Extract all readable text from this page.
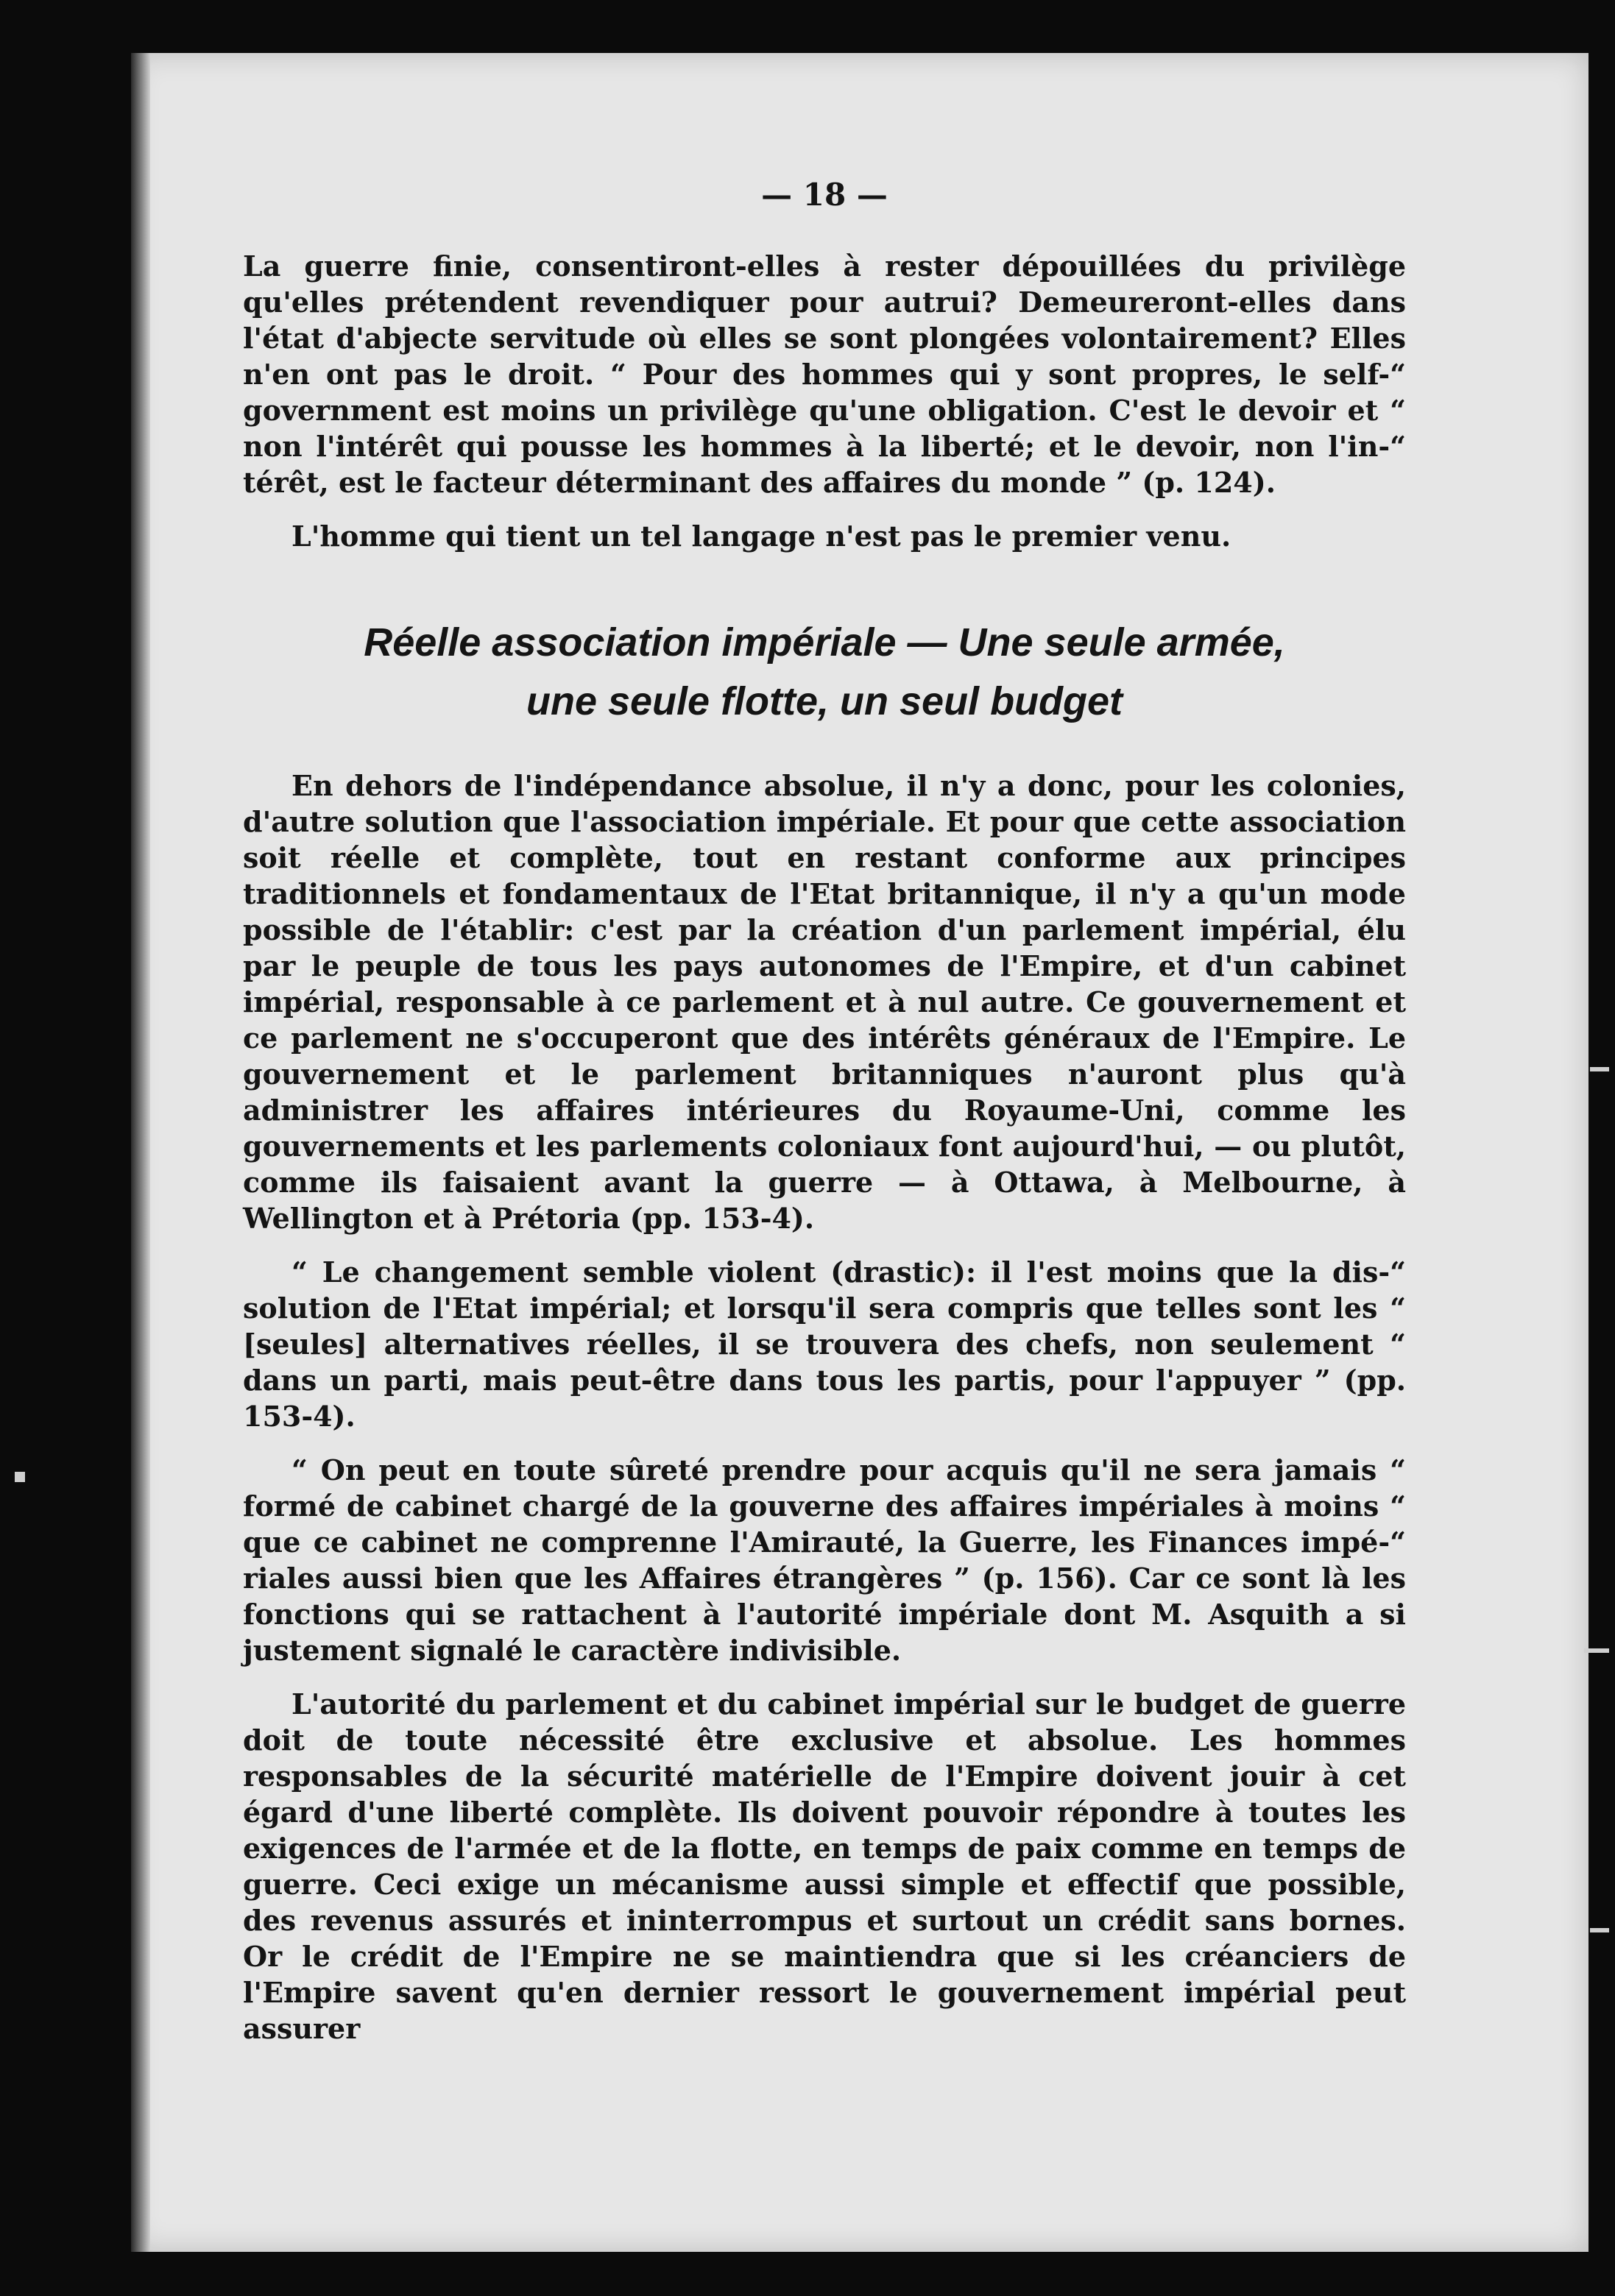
— 18 —

La guerre finie, consentiront-elles à rester dépouillées du privilège qu'elles prétendent revendiquer pour autrui? Demeureront-elles dans l'état d'abjecte servitude où elles se sont plongées volontairement? Elles n'en ont pas le droit. “ Pour des hommes qui y sont propres, le self-“ government est moins un privilège qu'une obligation. C'est le devoir et “ non l'intérêt qui pousse les hommes à la liberté; et le devoir, non l'in-“ térêt, est le facteur déterminant des affaires du monde ” (p. 124).

L'homme qui tient un tel langage n'est pas le premier venu.

Réelle association impériale — Une seule armée,
une seule flotte, un seul budget

En dehors de l'indépendance absolue, il n'y a donc, pour les colonies, d'autre solution que l'association impériale. Et pour que cette association soit réelle et complète, tout en restant conforme aux principes traditionnels et fondamentaux de l'Etat britannique, il n'y a qu'un mode possible de l'établir: c'est par la création d'un parlement impérial, élu par le peuple de tous les pays autonomes de l'Empire, et d'un cabinet impérial, responsable à ce parlement et à nul autre. Ce gouvernement et ce parlement ne s'occuperont que des intérêts généraux de l'Empire. Le gouvernement et le parlement britanniques n'auront plus qu'à administrer les affaires intérieures du Royaume-Uni, comme les gouvernements et les parlements coloniaux font aujourd'hui, — ou plutôt, comme ils faisaient avant la guerre — à Ottawa, à Melbourne, à Wellington et à Prétoria (pp. 153-4).

“ Le changement semble violent (drastic): il l'est moins que la dis-“ solution de l'Etat impérial; et lorsqu'il sera compris que telles sont les “ [seules] alternatives réelles, il se trouvera des chefs, non seulement “ dans un parti, mais peut-être dans tous les partis, pour l'appuyer ” (pp. 153-4).

“ On peut en toute sûreté prendre pour acquis qu'il ne sera jamais “ formé de cabinet chargé de la gouverne des affaires impériales à moins “ que ce cabinet ne comprenne l'Amirauté, la Guerre, les Finances impé-“ riales aussi bien que les Affaires étrangères ” (p. 156). Car ce sont là les fonctions qui se rattachent à l'autorité impériale dont M. Asquith a si justement signalé le caractère indivisible.

L'autorité du parlement et du cabinet impérial sur le budget de guerre doit de toute nécessité être exclusive et absolue. Les hommes responsables de la sécurité matérielle de l'Empire doivent jouir à cet égard d'une liberté complète. Ils doivent pouvoir répondre à toutes les exigences de l'armée et de la flotte, en temps de paix comme en temps de guerre. Ceci exige un mécanisme aussi simple et effectif que possible, des revenus assurés et ininterrompus et surtout un crédit sans bornes. Or le crédit de l'Empire ne se maintiendra que si les créanciers de l'Empire savent qu'en dernier ressort le gouvernement impérial peut assurer
